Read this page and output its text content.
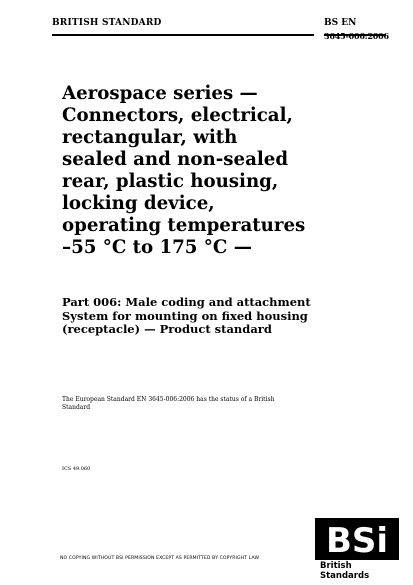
BRITISH STANDARD	BS EN
3645-006:2006
Aerospace series —
Connectors, electrical,
rectangular, with
sealed and non-sealed
rear, plastic housing,
locking device,
operating temperatures
–55 °C to 175 °C —
Part 006: Male coding and attachment
System for mounting on fixed housing
(receptacle) — Product standard
The European Standard EN 3645-006:2006 has the status of a British
Standard
ICS 49.060
BSi
British Standards
NO COPYING WITHOUT BSI PERMISSION EXCEPT AS PERMITTED BY COPYRIGHT LAW
